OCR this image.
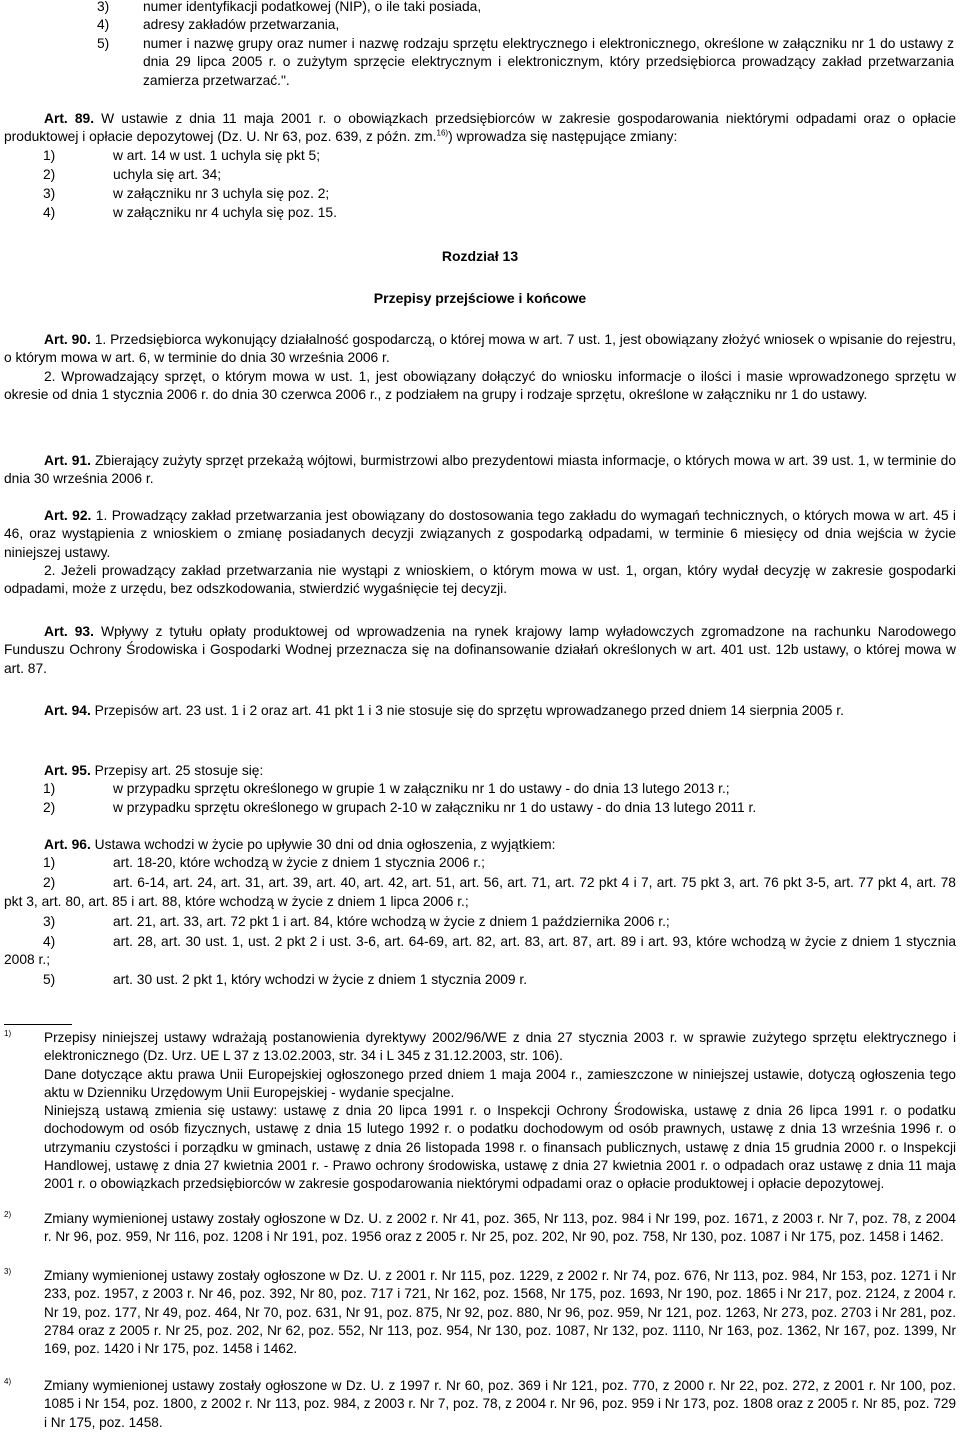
3) numer identyfikacji podatkowej (NIP), o ile taki posiada,
4) adresy zakładów przetwarzania,
5) numer i nazwę grupy oraz numer i nazwę rodzaju sprzętu elektrycznego i elektronicznego, określone w załączniku nr 1 do ustawy z dnia 29 lipca 2005 r. o zużytym sprzęcie elektrycznym i elektronicznym, który przedsiębiorca prowadzący zakład przetwarzania zamierza przetwarzać.".

Art. 89. W ustawie z dnia 11 maja 2001 r. o obowiązkach przedsiębiorców w zakresie gospodarowania niektórymi odpadami oraz o opłacie produktowej i opłacie depozytowej (Dz. U. Nr 63, poz. 639, z późn. zm.$^{16)}$) wprowadza się następujące zmiany:

1)	w art. 14 w ust. 1 uchyla się pkt 5;
2)	uchyla się art. 34;
3)	w załączniku nr 3 uchyla się poz. 2;
4)	w załączniku nr 4 uchyla się poz. 15.
Rozdział 13
Przepisy przejściowe i końcowe

Art. 90. 1. Przedsiębiorca wykonujący działalność gospodarczą, o której mowa w art. 7 ust. 1, jest obowiązany złożyć wniosek o wpisanie do rejestru, o którym mowa w art. 6, w terminie do dnia 30 września 2006 r.

2. Wprowadzający sprzęt, o którym mowa w ust. 1, jest obowiązany dołączyć do wniosku informacje o ilości i masie wprowadzonego sprzętu w okresie od dnia 1 stycznia 2006 r. do dnia 30 czerwca 2006 r., z podziałem na grupy i rodzaje sprzętu, określone w załączniku nr 1 do ustawy.

Art. 91. Zbierający zużyty sprzęt przekażą wójtowi, burmistrzowi albo prezydentowi miasta informacje, o których mowa w art. 39 ust. 1, w terminie do dnia 30 września 2006 r.

Art. 92. 1. Prowadzący zakład przetwarzania jest obowiązany do dostosowania tego zakładu do wymagań technicznych, o których mowa w art. 45 i 46, oraz wystąpienia z wnioskiem o zmianę posiadanych decyzji związanych z gospodarką odpadami, w terminie 6 miesięcy od dnia wejścia w życie niniejszej ustawy.

2. Jeżeli prowadzący zakład przetwarzania nie wystąpi z wnioskiem, o którym mowa w ust. 1, organ, który wydał decyzję w zakresie gospodarki odpadami, może z urzędu, bez odszkodowania, stwierdzić wygaśnięcie tej decyzji.

Art. 93. Wpływy z tytułu opłaty produktowej od wprowadzenia na rynek krajowy lamp wyładowczych zgromadzone na rachunku Narodowego Funduszu Ochrony Środowiska i Gospodarki Wodnej przeznacza się na dofinansowanie działań określonych w art. 401 ust. 12b ustawy, o której mowa w art. 87.

Art. 94. Przepisów art. 23 ust. 1 i 2 oraz art. 41 pkt 1 i 3 nie stosuje się do sprzętu wprowadzanego przed dniem 14 sierpnia 2005 r.

Art. 95. Przepisy art. 25 stosuje się:

1)	w przypadku sprzętu określonego w grupie 1 w załączniku nr 1 do ustawy - do dnia 13 lutego 2013 r.;
2)	w przypadku sprzętu określonego w grupach 2-10 w załączniku nr 1 do ustawy - do dnia 13 lutego 2011 r.

Art. 96. Ustawa wchodzi w życie po upływie 30 dni od dnia ogłoszenia, z wyjątkiem:

1)	art. 18-20, które wchodzą w życie z dniem 1 stycznia 2006 r.;
2)	art. 6-14, art. 24, art. 31, art. 39, art. 40, art. 42, art. 51, art. 56, art. 71, art. 72 pkt 4 i 7, art. 75 pkt 3, art. 76 pkt 3-5, art. 77 pkt 4, art. 78 pkt 3, art. 80, art. 85 i art. 88, które wchodzą w życie z dniem 1 lipca 2006 r.;

3)	art. 21, art. 33, art. 72 pkt 1 i art. 84, które wchodzą w życie z dniem 1 października 2006 r.;
4)	art. 28, art. 30 ust. 1, ust. 2 pkt 2 i ust. 3-6, art. 64-69, art. 82, art. 83, art. 87, art. 89 i art. 93, które wchodzą w życie z dniem 1 stycznia 2008 r.;

5)	art. 30 ust. 2 pkt 1, który wchodzi w życie z dniem 1 stycznia 2009 r.
1) Przepisy niniejszej ustawy wdrażają postanowienia dyrektywy 2002/96/WE z dnia 27 stycznia 2003 r. w sprawie zużytego sprzętu elektrycznego i elektronicznego (Dz. Urz. UE L 37 z 13.02.2003, str. 34 i L 345 z 31.12.2003, str. 106).

Dane dotyczące aktu prawa Unii Europejskiej ogłoszonego przed dniem 1 maja 2004 r., zamieszczone w niniejszej ustawie, dotyczą ogłoszenia tego aktu w Dzienniku Urzędowym Unii Europejskiej - wydanie specjalne.

Niniejszą ustawą zmienia się ustawy: ustawę z dnia 20 lipca 1991 r. o Inspekcji Ochrony Środowiska, ustawę z dnia 26 lipca 1991 r. o podatku dochodowym od osób fizycznych, ustawę z dnia 15 lutego 1992 r. o podatku dochodowym od osób prawnych, ustawę z dnia 13 września 1996 r. o utrzymaniu czystości i porządku w gminach, ustawę z dnia 26 listopada 1998 r. o finansach publicznych, ustawę z dnia 15 grudnia 2000 r. o Inspekcji Handlowej, ustawę z dnia 27 kwietnia 2001 r. - Prawo ochrony środowiska, ustawę z dnia 27 kwietnia 2001 r. o odpadach oraz ustawę z dnia 11 maja 2001 r. o obowiązkach przedsiębiorców w zakresie gospodarowania niektórymi odpadami oraz o opłacie produktowej i opłacie depozytowej.

2) Zmiany wymienionej ustawy zostały ogłoszone w Dz. U. z 2002 r. Nr 41, poz. 365, Nr 113, poz. 984 i Nr 199, poz. 1671, z 2003 r. Nr 7, poz. 78, z 2004 r. Nr 96, poz. 959, Nr 116, poz. 1208 i Nr 191, poz. 1956 oraz z 2005 r. Nr 25, poz. 202, Nr 90, poz. 758, Nr 130, poz. 1087 i Nr 175, poz. 1458 i 1462.

3) Zmiany wymienionej ustawy zostały ogłoszone w Dz. U. z 2001 r. Nr 115, poz. 1229, z 2002 r. Nr 74, poz. 676, Nr 113, poz. 984, Nr 153, poz. 1271 i Nr 233, poz. 1957, z 2003 r. Nr 46, poz. 392, Nr 80, poz. 717 i 721, Nr 162, poz. 1568, Nr 175, poz. 1693, Nr 190, poz. 1865 i Nr 217, poz. 2124, z 2004 r. Nr 19, poz. 177, Nr 49, poz. 464, Nr 70, poz. 631, Nr 91, poz. 875, Nr 92, poz. 880, Nr 96, poz. 959, Nr 121, poz. 1263, Nr 273, poz. 2703 i Nr 281, poz. 2784 oraz z 2005 r. Nr 25, poz. 202, Nr 62, poz. 552, Nr 113, poz. 954, Nr 130, poz. 1087, Nr 132, poz. 1110, Nr 163, poz. 1362, Nr 167, poz. 1399, Nr 169, poz. 1420 i Nr 175, poz. 1458 i 1462.

4) Zmiany wymienionej ustawy zostały ogłoszone w Dz. U. z 1997 r. Nr 60, poz. 369 i Nr 121, poz. 770, z 2000 r. Nr 22, poz. 272, z 2001 r. Nr 100, poz. 1085 i Nr 154, poz. 1800, z 2002 r. Nr 113, poz. 984, z 2003 r. Nr 7, poz. 78, z 2004 r. Nr 96, poz. 959 i Nr 173, poz. 1808 oraz z 2005 r. Nr 85, poz. 729 i Nr 175, poz. 1458.
